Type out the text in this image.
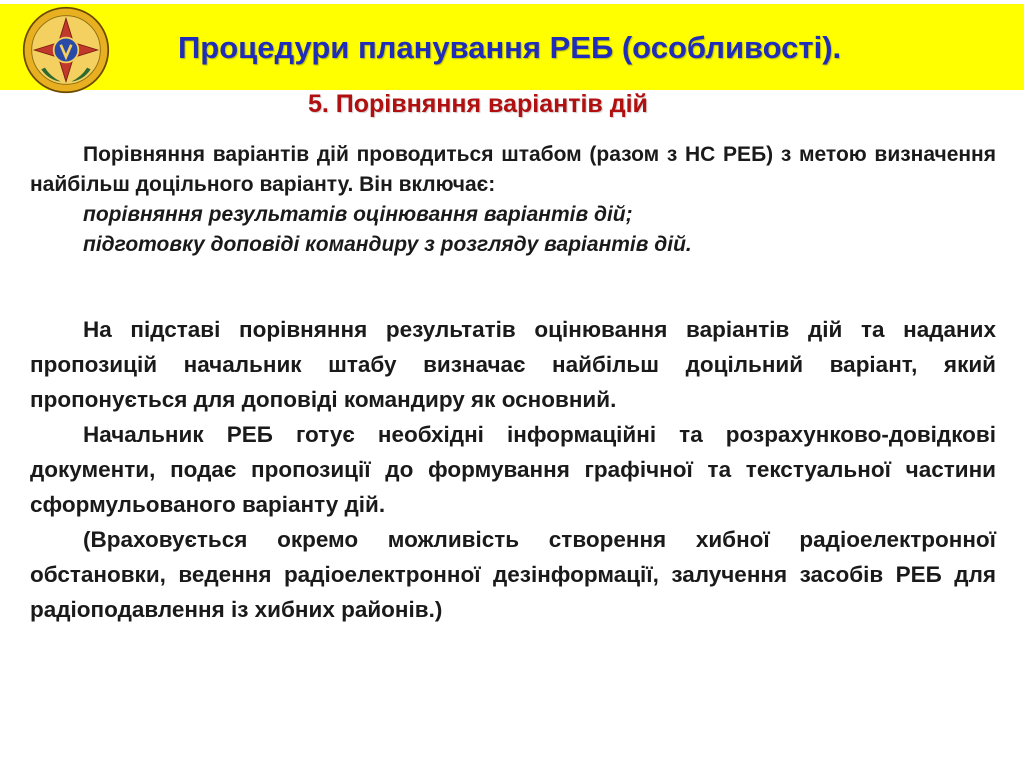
Процедури планування РЕБ (особливості).
5. Порівняння варіантів дій

Порівняння варіантів дій проводиться штабом (разом з НС РЕБ) з метою визначення найбільш доцільного варіанту. Він включає:

порівняння результатів оцінювання варіантів дій;

підготовку доповіді командиру з розгляду варіантів дій.

На підставі порівняння результатів оцінювання варіантів дій та наданих пропозицій начальник штабу визначає найбільш доцільний варіант, який пропонується для доповіді командиру як основний.

Начальник РЕБ готує необхідні інформаційні та розрахунково-довідкові документи, подає пропозиції до формування графічної та текстуальної частини сформульованого варіанту дій.

(Враховується окремо можливість створення хибної радіоелектронної обстановки, ведення радіоелектронної дезінформації, залучення засобів РЕБ для радіоподавлення із хибних районів.)
